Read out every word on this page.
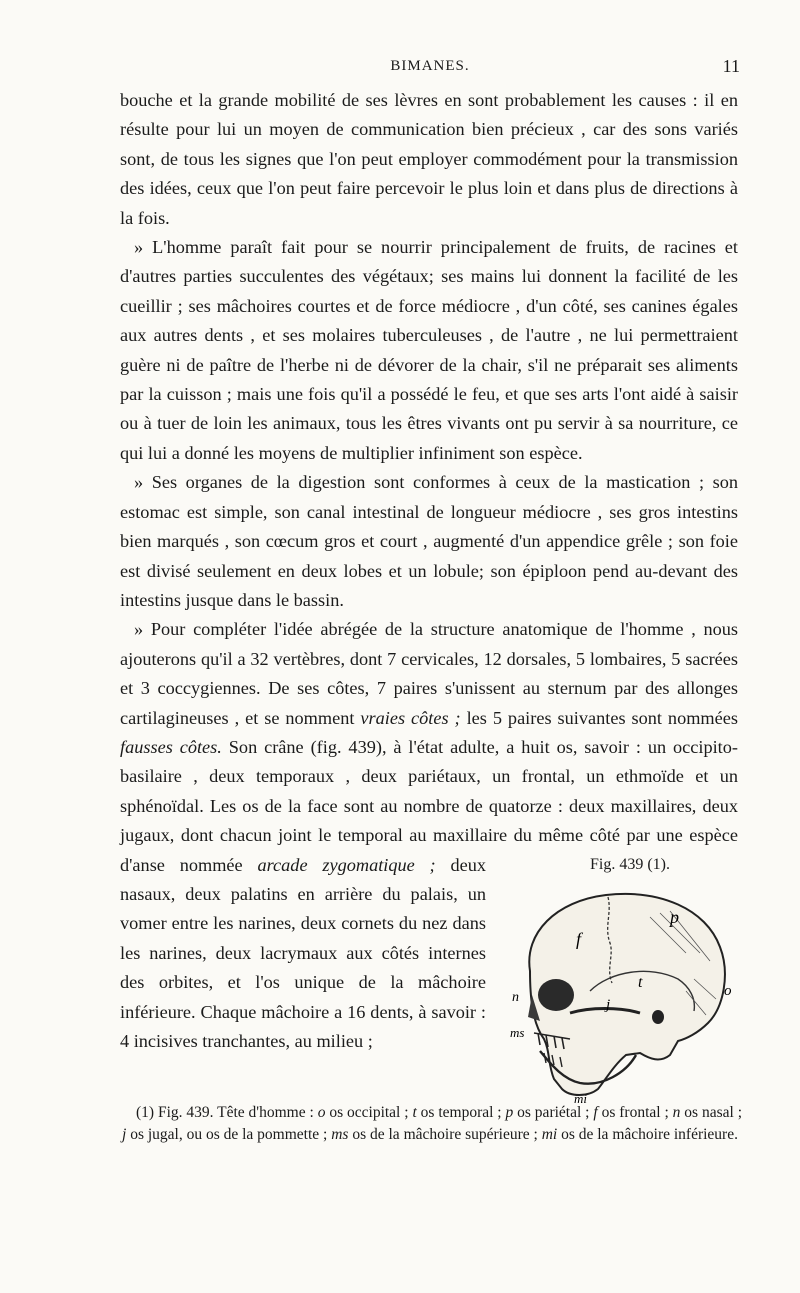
BIMANES.	11

bouche et la grande mobilité de ses lèvres en sont probablement les causes : il en résulte pour lui un moyen de communication bien précieux , car des sons variés sont, de tous les signes que l'on peut employer commodément pour la transmission des idées, ceux que l'on peut faire percevoir le plus loin et dans plus de directions à la fois.

» L'homme paraît fait pour se nourrir principalement de fruits, de racines et d'autres parties succulentes des végétaux; ses mains lui donnent la facilité de les cueillir ; ses mâchoires courtes et de force médiocre , d'un côté, ses canines égales aux autres dents , et ses molaires tuberculeuses , de l'autre , ne lui permettraient guère ni de paître de l'herbe ni de dévorer de la chair, s'il ne préparait ses aliments par la cuisson ; mais une fois qu'il a possédé le feu, et que ses arts l'ont aidé à saisir ou à tuer de loin les animaux, tous les êtres vivants ont pu servir à sa nourriture, ce qui lui a donné les moyens de multiplier infiniment son espèce.

» Ses organes de la digestion sont conformes à ceux de la mastication ; son estomac est simple, son canal intestinal de longueur médiocre , ses gros intestins bien marqués , son cœcum gros et court , augmenté d'un appendice grêle ; son foie est divisé seulement en deux lobes et un lobule; son épiploon pend au-devant des intestins jusque dans le bassin.

» Pour compléter l'idée abrégée de la structure anatomique de l'homme , nous ajouterons qu'il a 32 vertèbres, dont 7 cervicales, 12 dorsales, 5 lombaires, 5 sacrées et 3 coccygiennes. De ses côtes, 7 paires s'unissent au sternum par des allonges cartilagineuses , et se nomment vraies côtes ; les 5 paires suivantes sont nommées fausses côtes. Son crâne (fig. 439), à l'état adulte, a huit os, savoir : un occipito-basilaire , deux temporaux , deux pariétaux, un frontal, un ethmoïde et un sphénoïdal. Les os de la face sont au nombre de quatorze : deux maxillaires, deux jugaux, dont chacun joint le temporal au maxillaire du même côté par une espèce d'anse nommée	Fig. 439 (1).
f
p
t
n	j
o
ms
mi
arcade zygomatique ; deux nasaux, deux palatins en arrière du palais, un vomer entre les narines, deux cornets du nez dans les narines, deux lacrymaux aux côtés internes des orbites, et l'os unique de la mâchoire inférieure. Chaque mâchoire a 16 dents, à savoir : 4 incisives tranchantes, au milieu ;

(1) Fig. 439. Tête d'homme : o os occipital ; t os temporal ; p os pariétal ; f os frontal ; n os nasal ; j os jugal, ou os de la pommette ; ms os de la mâchoire supérieure ; mi os de la mâchoire inférieure.
